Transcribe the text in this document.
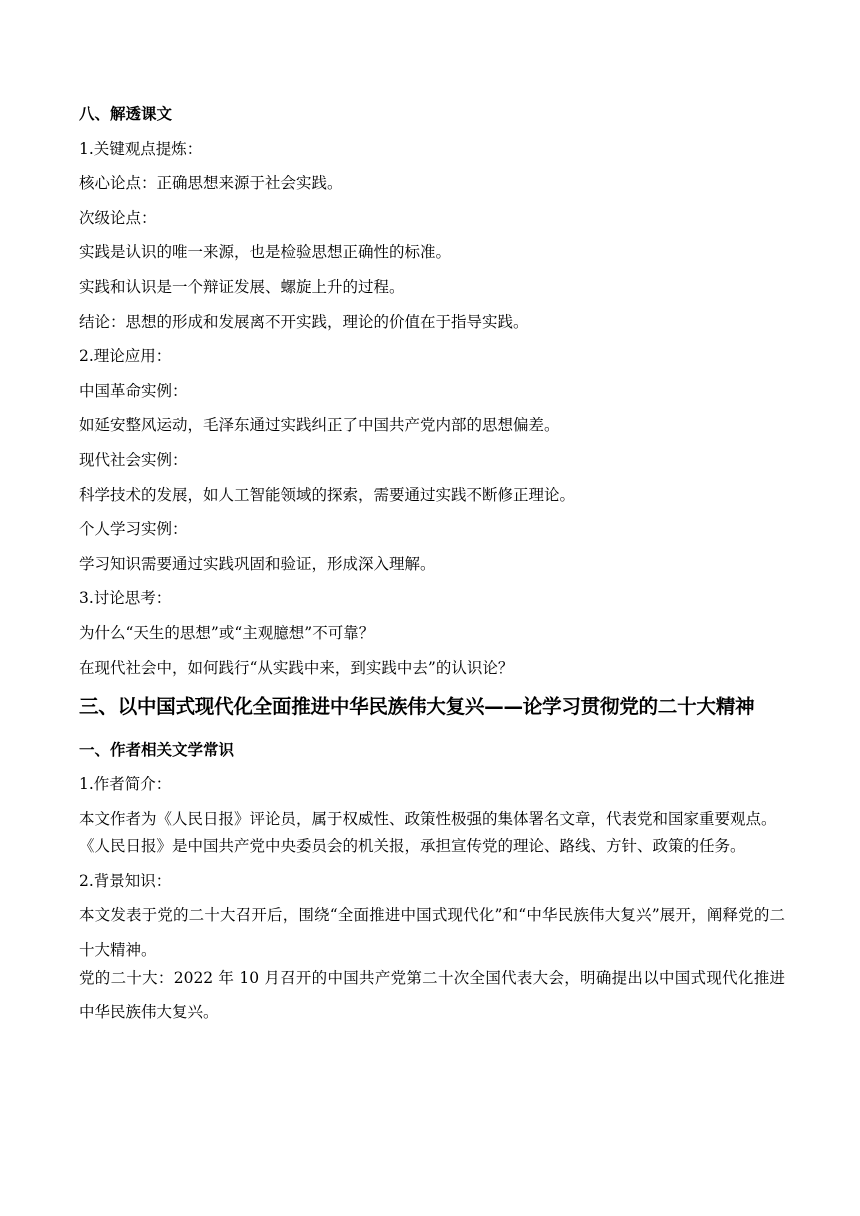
八、解透课文
1.关键观点提炼：
核心论点：正确思想来源于社会实践。
次级论点：
实践是认识的唯一来源，也是检验思想正确性的标准。
实践和认识是一个辩证发展、螺旋上升的过程。
结论：思想的形成和发展离不开实践，理论的价值在于指导实践。
2.理论应用：
中国革命实例：
如延安整风运动，毛泽东通过实践纠正了中国共产党内部的思想偏差。
现代社会实例：
科学技术的发展，如人工智能领域的探索，需要通过实践不断修正理论。
个人学习实例：
学习知识需要通过实践巩固和验证，形成深入理解。
3.讨论思考：
为什么“天生的思想”或“主观臆想”不可靠？
在现代社会中，如何践行“从实践中来，到实践中去”的认识论？
三、以中国式现代化全面推进中华民族伟大复兴——论学习贯彻党的二十大精神
一、作者相关文学常识
1.作者简介：
本文作者为《人民日报》评论员，属于权威性、政策性极强的集体署名文章，代表党和国家重要观点。
《人民日报》是中国共产党中央委员会的机关报，承担宣传党的理论、路线、方针、政策的任务。
2.背景知识：
本文发表于党的二十大召开后，围绕“全面推进中国式现代化”和“中华民族伟大复兴”展开，阐释党的二十大精神。
党的二十大：2022 年 10 月召开的中国共产党第二十次全国代表大会，明确提出以中国式现代化推进中华民族伟大复兴。
